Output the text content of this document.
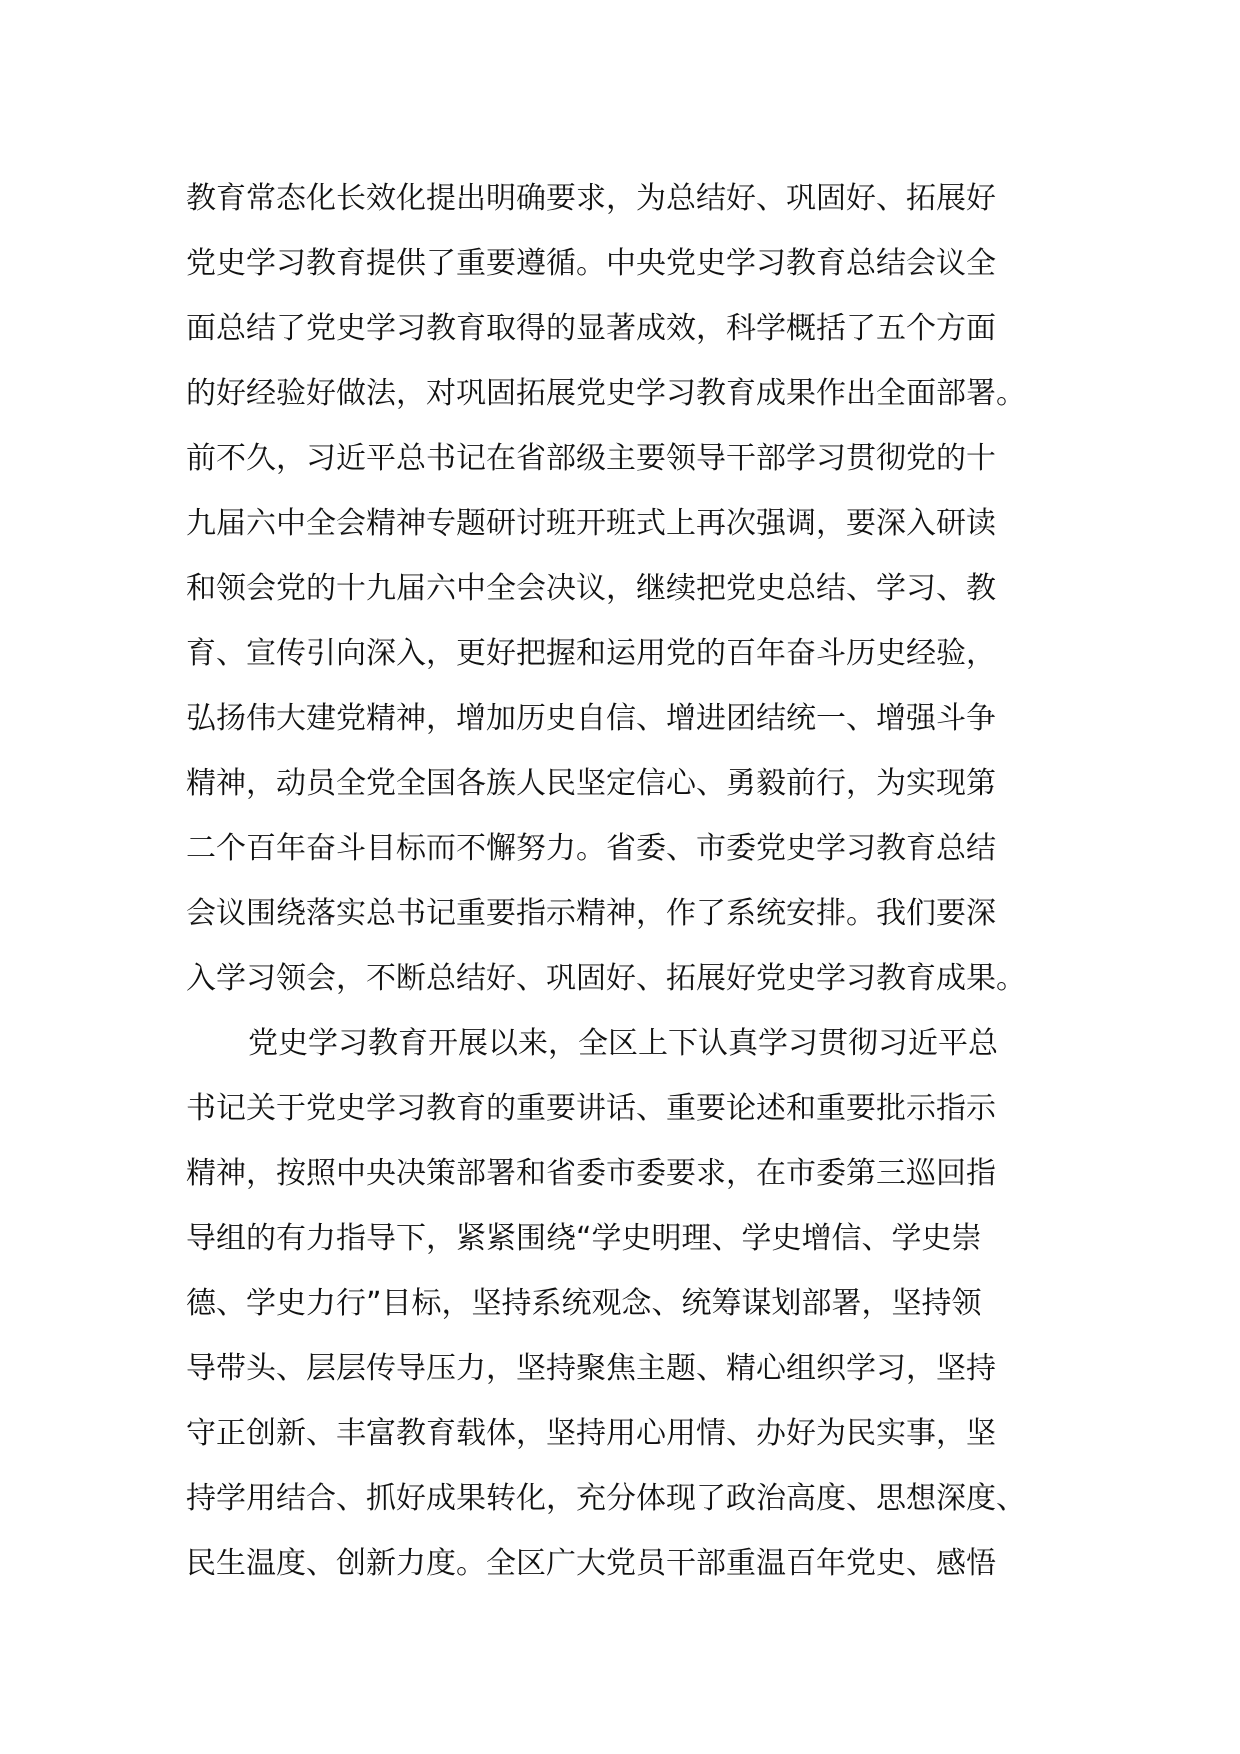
教育常态化长效化提出明确要求，为总结好、巩固好、拓展好
党史学习教育提供了重要遵循。中央党史学习教育总结会议全
面总结了党史学习教育取得的显著成效，科学概括了五个方面
的好经验好做法，对巩固拓展党史学习教育成果作出全面部署。
前不久，习近平总书记在省部级主要领导干部学习贯彻党的十
九届六中全会精神专题研讨班开班式上再次强调，要深入研读
和领会党的十九届六中全会决议，继续把党史总结、学习、教
育、宣传引向深入，更好把握和运用党的百年奋斗历史经验，
弘扬伟大建党精神，增加历史自信、增进团结统一、增强斗争
精神，动员全党全国各族人民坚定信心、勇毅前行，为实现第
二个百年奋斗目标而不懈努力。省委、市委党史学习教育总结
会议围绕落实总书记重要指示精神，作了系统安排。我们要深
入学习领会，不断总结好、巩固好、拓展好党史学习教育成果。
党史学习教育开展以来，全区上下认真学习贯彻习近平总
书记关于党史学习教育的重要讲话、重要论述和重要批示指示
精神，按照中央决策部署和省委市委要求，在市委第三巡回指
导组的有力指导下，紧紧围绕“学史明理、学史增信、学史崇
德、学史力行”目标，坚持系统观念、统筹谋划部署，坚持领
导带头、层层传导压力，坚持聚焦主题、精心组织学习，坚持
守正创新、丰富教育载体，坚持用心用情、办好为民实事，坚
持学用结合、抓好成果转化，充分体现了政治高度、思想深度、
民生温度、创新力度。全区广大党员干部重温百年党史、感悟
